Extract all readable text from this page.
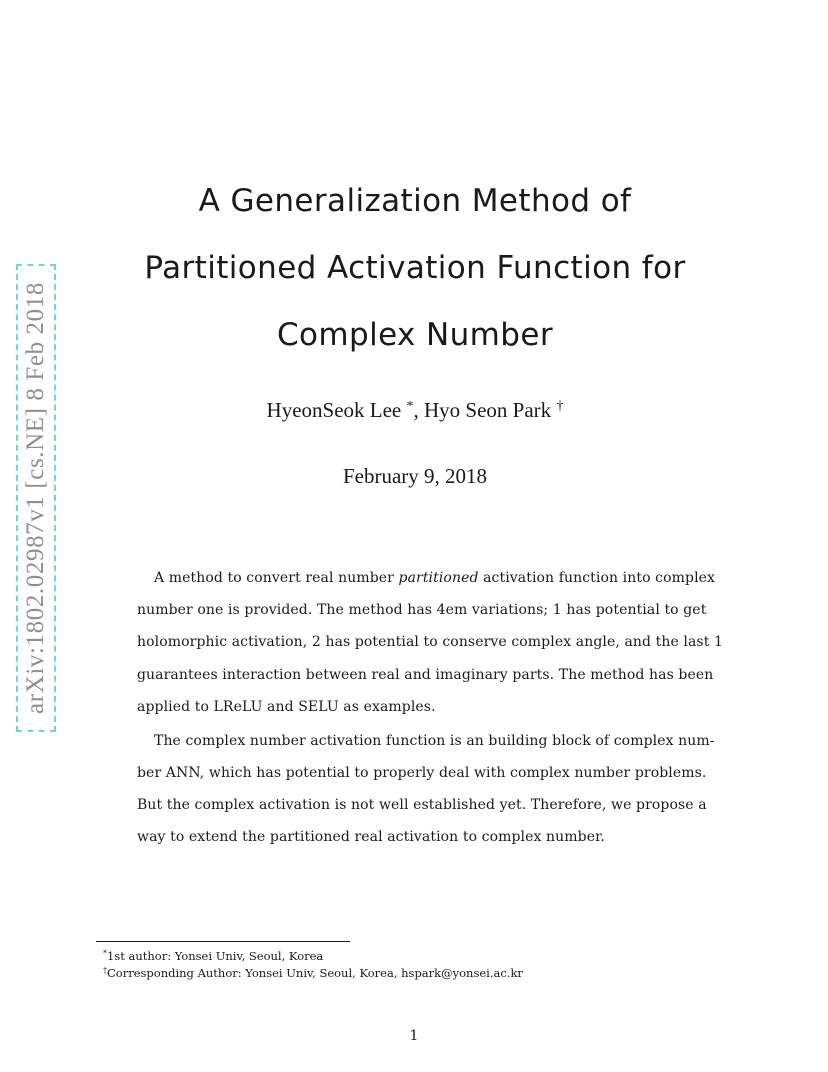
arXiv:1802.02987v1 [cs.NE] 8 Feb 2018
A Generalization Method of
Partitioned Activation Function for
Complex Number
HyeonSeok Lee *, Hyo Seon Park †
February 9, 2018
A method to convert real number partitioned activation function into complex
number one is provided. The method has 4em variations; 1 has potential to get
holomorphic activation, 2 has potential to conserve complex angle, and the last 1
guarantees interaction between real and imaginary parts. The method has been
applied to LReLU and SELU as examples.
The complex number activation function is an building block of complex num-
ber ANN, which has potential to properly deal with complex number problems.
But the complex activation is not well established yet. Therefore, we propose a
way to extend the partitioned real activation to complex number.
*1st author: Yonsei Univ, Seoul, Korea
†Corresponding Author: Yonsei Univ, Seoul, Korea, hspark@yonsei.ac.kr
1
